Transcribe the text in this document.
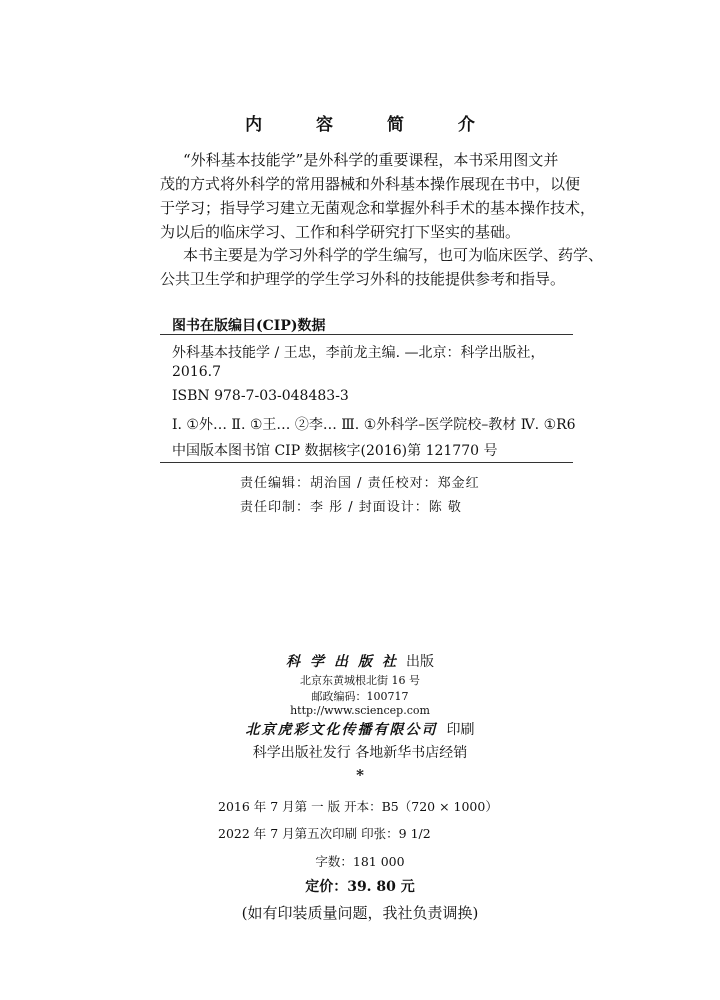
内 容 简 介
“外科基本技能学”是外科学的重要课程，本书采用图文并
茂的方式将外科学的常用器械和外科基本操作展现在书中，以便
于学习；指导学习建立无菌观念和掌握外科手术的基本操作技术，
为以后的临床学习、工作和科学研究打下坚实的基础。
本书主要是为学习外科学的学生编写，也可为临床医学、药学、
公共卫生学和护理学的学生学习外科的技能提供参考和指导。
图书在版编目(CIP)数据
外科基本技能学 / 王忠，李前龙主编. —北京：科学出版社，
2016.7
ISBN 978-7-03-048483-3
Ⅰ. ①外… Ⅱ. ①王… ②李… Ⅲ. ①外科学–医学院校–教材 Ⅳ. ①R6
中国版本图书馆 CIP 数据核字(2016)第 121770 号
责任编辑：胡治国 / 责任校对：郑金红
责任印制：李 彤 / 封面设计：陈 敬
科学出版社出版
北京东黄城根北街 16 号
邮政编码：100717
http://www.sciencep.com
北京虎彩文化传播有限公司 印刷
科学出版社发行 各地新华书店经销
*
2016 年 7 月第 一 版 开本：B5（720 × 1000）
2022 年 7 月第五次印刷 印张：9 1/2
字数：181 000
定价：39. 80 元
(如有印装质量问题，我社负责调换)
